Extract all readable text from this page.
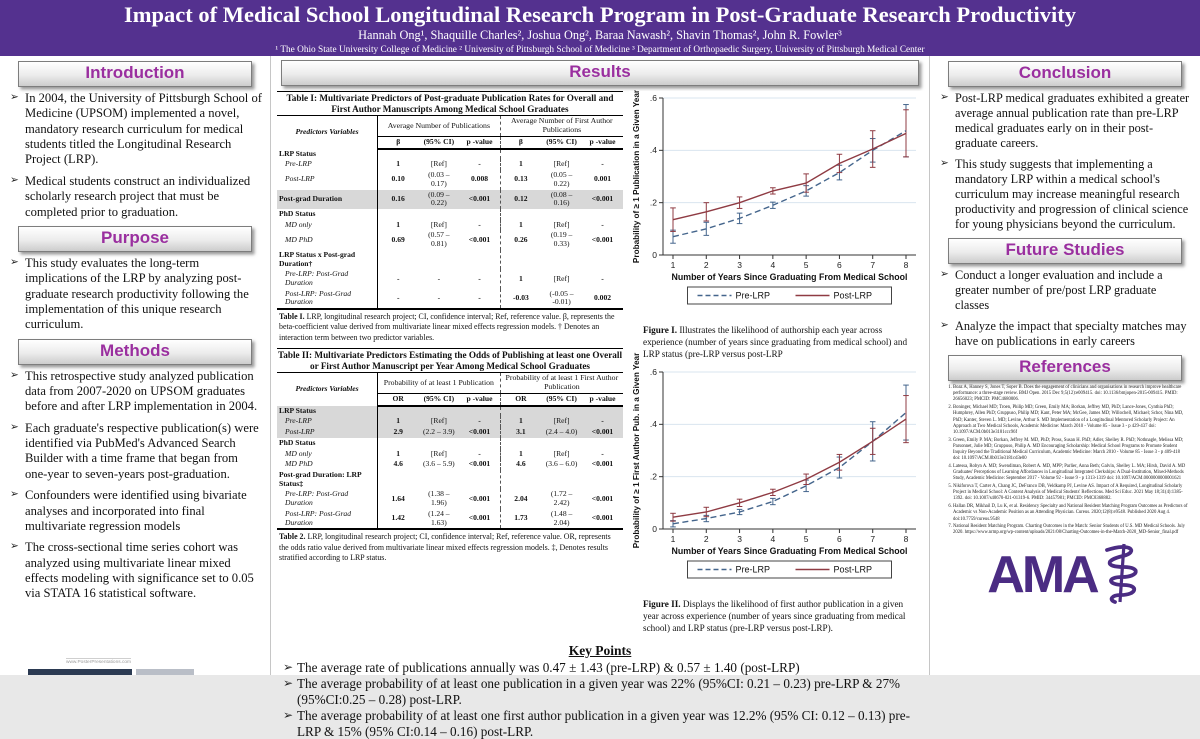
Impact of Medical School Longitudinal Research Program in Post-Graduate Research Productivity
Hannah Ong¹, Shaquille Charles², Joshua Ong², Baraa Nawash², Shavin Thomas², John R. Fowler³
¹ The Ohio State University College of Medicine ² University of Pittsburgh School of Medicine ³ Department of Orthopaedic Surgery, University of Pittsburgh Medical Center
Introduction
➢ In 2004, the University of Pittsburgh School of Medicine (UPSOM) implemented a novel, mandatory research curriculum for medical students titled the Longitudinal Research Project (LRP).
➢ Medical students construct an individualized scholarly research project that must be completed prior to graduation.
Purpose
➢ This study evaluates the long-term implications of the LRP by analyzing post-graduate research productivity following the implementation of this unique research curriculum.
Methods
➢ This retrospective study analyzed publication data from 2007-2020 on UPSOM graduates before and after LRP implementation in 2004.
➢ Each graduate's respective publication(s) were identified via PubMed's Advanced Search Builder with a time frame that began from one-year to seven-years post-graduation.
➢ Confounders were identified using bivariate analyses and incorporated into final multivariate regression models
➢ The cross-sectional time series cohort was analyzed using multivariate linear mixed effects modeling with significance set to 0.05 via STATA 16 statistical software.
www.PosterPresentations.com
Results
Table I: Multivariate Predictors of Post-graduate Publication Rates for Overall and First Author Manuscripts Among Medical School Graduates
Predictors Variables	Average Number of Publications			Average Number of First Author Publications		
	β	(95% CI)	p -value	β	(95% CI)	p -value
LRP Status						
Pre-LRP	1	[Ref]	-	1	[Ref]	-
Post-LRP	0.10	(0.03 – 0.17)	0.008	0.13	(0.05 – 0.22)	0.001
Post-grad Duration	0.16	(0.09 – 0.22)	<0.001	0.12	(0.08 – 0.16)	<0.001
PhD Status						
MD only	1	[Ref]	-	1	[Ref]	-
MD PhD	0.69	(0.57 – 0.81)	<0.001	0.26	(0.19 – 0.33)	<0.001
LRP Status x Post-grad Duration†						
Pre-LRP: Post-Grad Duration	-	-	-	1	[Ref]	-
Post-LRP: Post-Grad Duration	-	-	-	-0.03	(-0.05 – -0.01)	0.002
Table I. LRP, longitudinal research project; CI, confidence interval; Ref, reference value. β, represents the beta-coefficient value derived from multivariate linear mixed effects regression models. † Denotes an interaction term between two predictor variables.
Table II: Multivariate Predictors Estimating the Odds of Publishing at least one Overall or First Author Manuscript per Year Among Medical School Graduates
Predictors Variables	Probability of at least 1 Publication			Probability of at least 1 First Author Publication		
	OR	(95% CI)	p -value	OR	(95% CI)	p -value
LRP Status						
Pre-LRP	1	[Ref]	-	1	[Ref]	-
Post-LRP	2.9	(2.2 – 3.9)	<0.001	3.1	(2.4 – 4.0)	<0.001
PhD Status						
MD only	1	[Ref]	-	1	[Ref]	-
MD PhD	4.6	(3.6 – 5.9)	<0.001	4.6	(3.6 – 6.0)	<0.001
Post-grad Duration: LRP Status‡						
Pre-LRP: Post-Grad Duration	1.64	(1.38 – 1.96)	<0.001	2.04	(1.72 – 2.42)	<0.001
Post-LRP: Post-Grad Duration	1.42	(1.24 – 1.63)	<0.001	1.73	(1.48 – 2.04)	<0.001
Table 2. LRP, longitudinal research project; CI, confidence interval; Ref, reference value. OR, represents the odds ratio value derived from multivariate linear mixed effects regression models. ‡, Denotes results stratified according to LRP status.
0
.2
.4
.6
1	2	3	4	5	6	7	8
Probability of ≥ 1 Publication in a Given Year
Number of Years Since Graduating From Medical School
Pre-LRP	Post-LRP
Figure I. Illustrates the likelihood of authorship each year across experience (number of years since graduating from medical school) and LRP status (pre-LRP versus post-LRP
0
.2
.4
.6
1	2	3	4	5	6	7	8
Probability of ≥ 1 First Author Pub. in a Given Year
Number of Years Since Graduating From Medical School
Pre-LRP	Post-LRP
Figure II. Displays the likelihood of first author publication in a given year across experience (number of years since graduating from medical school) and LRP status (pre-LRP versus post-LRP).
Key Points
➢ The average rate of publications annually was 0.47 ± 1.43 (pre-LRP) & 0.57 ± 1.40 (post-LRP)
➢ The average probability of at least one publication in a given year was 22% (95%CI: 0.21 – 0.23) pre-LRP & 27% (95%CI:0.25 – 0.28) post-LRP.
➢ The average probability of at least one first author publication in a given year was 12.2% (95% CI: 0.12 – 0.13) pre-LRP & 15% (95% CI:0.14 – 0.16) post-LRP.
Conclusion
➢ Post-LRP medical graduates exhibited a greater average annual publication rate than pre-LRP medical graduates early on in their post-graduate careers.
➢ This study suggests that implementing a mandatory LRP within a medical school's curriculum may increase meaningful research productivity and progression of clinical science for young physicians beyond the curriculum.
Future Studies
➢ Conduct a longer evaluation and include a greater number of pre/post LRP graduate classes
➢ Analyze the impact that specialty matches may have on publications in early careers
References
1. Boaz A, Hanney S, Jones T, Soper B. Does the engagement of clinicians and organisations in research improve healthcare performance: a three-stage review. BMJ Open. 2015 Dec 9;5(12):e009415. doi: 10.1136/bmjopen-2015-009415. PMID: 26656023; PMCID: PMC4680006.
2. Boninger, Michael MD; Troen, Philip MD; Green, Emily MA; Borkan, Jeffrey MD, PhD; Lance-Jones, Cynthia PhD; Humphrey, Allen PhD; Gruppuso, Philip MD; Kant, Peter MA; McGee, James MD; Willochell, Michael; Schor, Nina MD, PhD; Kanter, Steven L. MD; Levine, Arthur S. MD Implementation of a Longitudinal Mentored Scholarly Project: An Approach at Two Medical Schools, Academic Medicine: March 2010 - Volume 85 - Issue 3 - p 429-437 doi: 10.1097/ACM.0b013e3181ccc96f
3. Green, Emily P. MA; Borkan, Jeffrey M. MD, PhD; Pross, Susan H. PhD; Adler, Shelley R. PhD; Nothnagle, Melissa MD; Parsonnet, Julie MD; Gruppuso, Philip A. MD Encouraging Scholarship: Medical School Programs to Promote Student Inquiry Beyond the Traditional Medical Curriculum, Academic Medicine: March 2010 - Volume 85 - Issue 3 - p 409-418 doi: 10.1097/ACM.0b013e3181cd3e00
4. Latessa, Robyn A. MD; Swendiman, Robert A. MD, MPP; Parlier, Anna Beth; Galvin, Shelley L. MA; Hirsh, David A. MD Graduates' Perceptions of Learning Affordances in Longitudinal Integrated Clerkships: A Dual-Institution, Mixed-Methods Study, Academic Medicine: September 2017 - Volume 92 - Issue 9 - p 1313-1319 doi: 10.1097/ACM.0000000000001621
5. Nikiforova T, Carter A, Chang JC, DeFranco DB, Veldkamp PJ, Levine AS. Impact of A Required, Longitudinal Scholarly Project in Medical School: A Content Analysis of Medical Students' Reflections. Med Sci Educ. 2021 May 18;31(4):1385-1392. doi: 10.1007/s40670-021-01319-6. PMID: 34457981; PMCID: PMC8368882.
6. Hallan DR, Mikhail D, Lu K, et al. Residency Specialty and National Resident Matching Program Outcomes as Predictors of Academic vs Non-Academic Position as an Attending Physician. Cureus. 2020;12(8):e9548. Published 2020 Aug 4. doi:10.7759/cureus.9548
7. National Resident Matching Program. Charting Outcomes in the Match: Senior Students of U.S. MD Medical Schools. July 2020. https://www.nrmp.org/wp-content/uploads/2021/08/Charting-Outcomes-in-the-Match-2020_MD-Senior_final.pdf
AMA
